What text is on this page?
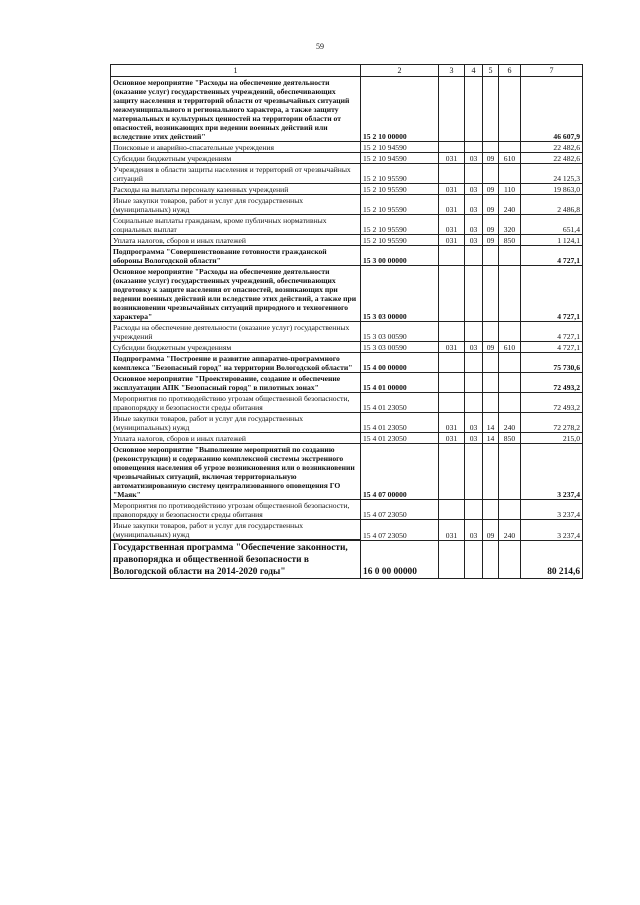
59
1	2	3	4	5	6	7
Основное мероприятие "Расходы на обеспечение деятельности (оказание услуг) государственных учреждений, обеспечивающих защиту населения и территорий области от чрезвычайных ситуаций межмуниципального и регионального характера, а также защиту материальных и культурных ценностей на территории области от опасностей, возникающих при ведении военных действий или вследствие этих действий"	15 2 10 00000					46 607,9
Поисковые и аварийно-спасательные учреждения	15 2 10 94590					22 482,6
Субсидии бюджетным учреждениям	15 2 10 94590	031	03	09	610	22 482,6
Учреждения в области защиты населения и территорий от чрезвычайных ситуаций	15 2 10 95590					24 125,3
Расходы на выплаты персоналу казенных учреждений	15 2 10 95590	031	03	09	110	19 863,0
Иные закупки товаров, работ и услуг для государственных (муниципальных) нужд	15 2 10 95590	031	03	09	240	2 486,8
Социальные выплаты гражданам, кроме публичных нормативных социальных выплат	15 2 10 95590	031	03	09	320	651,4
Уплата налогов, сборов и иных платежей	15 2 10 95590	031	03	09	850	1 124,1
Подпрограмма "Совершенствование готовности гражданской обороны Вологодской области"	15 3 00 00000					4 727,1
Основное мероприятие "Расходы на обеспечение деятельности (оказание услуг) государственных учреждений, обеспечивающих подготовку к защите населения от опасностей, возникающих при ведении военных действий или вследствие этих действий, а также при возникновении чрезвычайных ситуаций природного и техногенного характера"	15 3 03 00000					4 727,1
Расходы на обеспечение деятельности (оказание услуг) государственных учреждений	15 3 03 00590					4 727,1
Субсидии бюджетным учреждениям	15 3 03 00590	031	03	09	610	4 727,1
Подпрограмма "Построение и развитие аппаратно-программного комплекса "Безопасный город" на территории Вологодской области"	15 4 00 00000					75 730,6
Основное мероприятие "Проектирование, создание и обеспечение эксплуатации АПК "Безопасный город" в пилотных зонах"	15 4 01 00000					72 493,2
Мероприятия по противодействию угрозам общественной безопасности, правопорядку и безопасности среды обитания	15 4 01 23050					72 493,2
Иные закупки товаров, работ и услуг для государственных (муниципальных) нужд	15 4 01 23050	031	03	14	240	72 278,2
Уплата налогов, сборов и иных платежей	15 4 01 23050	031	03	14	850	215,0
Основное мероприятие "Выполнение мероприятий по созданию (реконструкции) и содержанию комплексной системы экстренного оповещения населения об угрозе возникновения или о возникновении чрезвычайных ситуаций, включая территориальную автоматизированную систему централизованного оповещения ГО "Маяк"	15 4 07 00000					3 237,4
Мероприятия по противодействию угрозам общественной безопасности, правопорядку и безопасности среды обитания	15 4 07 23050					3 237,4
Иные закупки товаров, работ и услуг для государственных (муниципальных) нужд	15 4 07 23050	031	03	09	240	3 237,4
Государственная программа "Обеспечение законности, правопорядка и общественной безопасности в Вологодской области на 2014-2020 годы"	16 0 00 00000					80 214,6
